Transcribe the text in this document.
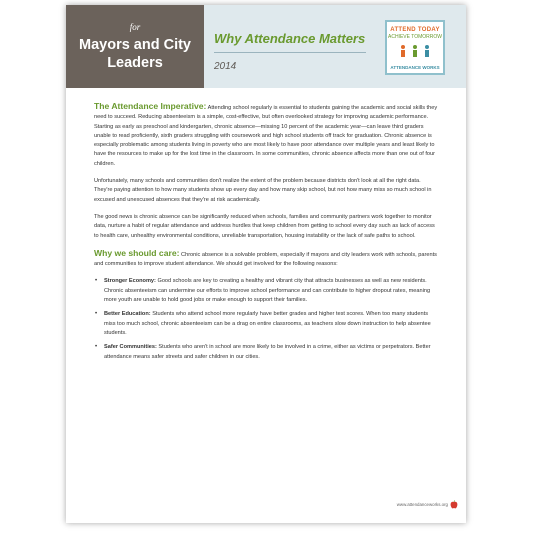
for
Mayors and City Leaders
Why Attendance Matters
2014
ATTEND TODAY
ACHIEVE TOMORROW
ATTENDANCE WORKS

The Attendance Imperative: Attending school regularly is essential to students gaining the academic and social skills they need to succeed. Reducing absenteeism is a simple, cost-effective, but often overlooked strategy for improving academic performance. Starting as early as preschool and kindergarten, chronic absence—missing 10 percent of the academic year—can leave third graders unable to read proficiently, sixth graders struggling with coursework and high school students off track for graduation. Chronic absence is especially problematic among students living in poverty who are most likely to have poor attendance over multiple years and least likely to have the resources to make up for the lost time in the classroom. In some communities, chronic absence affects more than one out of four children.

Unfortunately, many schools and communities don't realize the extent of the problem because districts don't look at all the right data. They're paying attention to how many students show up every day and how many skip school, but not how many miss so much school in excused and unexcused absences that they're at risk academically.

The good news is chronic absence can be significantly reduced when schools, families and community partners work together to monitor data, nurture a habit of regular attendance and address hurdles that keep children from getting to school every day such as lack of access to health care, unhealthy environmental conditions, unreliable transportation, housing instability or the lack of safe paths to school.

Why we should care: Chronic absence is a solvable problem, especially if mayors and city leaders work with schools, parents and communities to improve student attendance. We should get involved for the following reasons:

• Stronger Economy: Good schools are key to creating a healthy and vibrant city that attracts businesses as well as new residents. Chronic absenteeism can undermine our efforts to improve school performance and can contribute to higher dropout rates, meaning more youth are unable to hold good jobs or make enough to support their families.
• Better Education: Students who attend school more regularly have better grades and higher test scores. When too many students miss too much school, chronic absenteeism can be a drag on entire classrooms, as teachers slow down instruction to help absentee students.
• Safer Communities: Students who aren't in school are more likely to be involved in a crime, either as victims or perpetrators. Better attendance means safer streets and safer children in our cities.
www.attendanceworks.org
